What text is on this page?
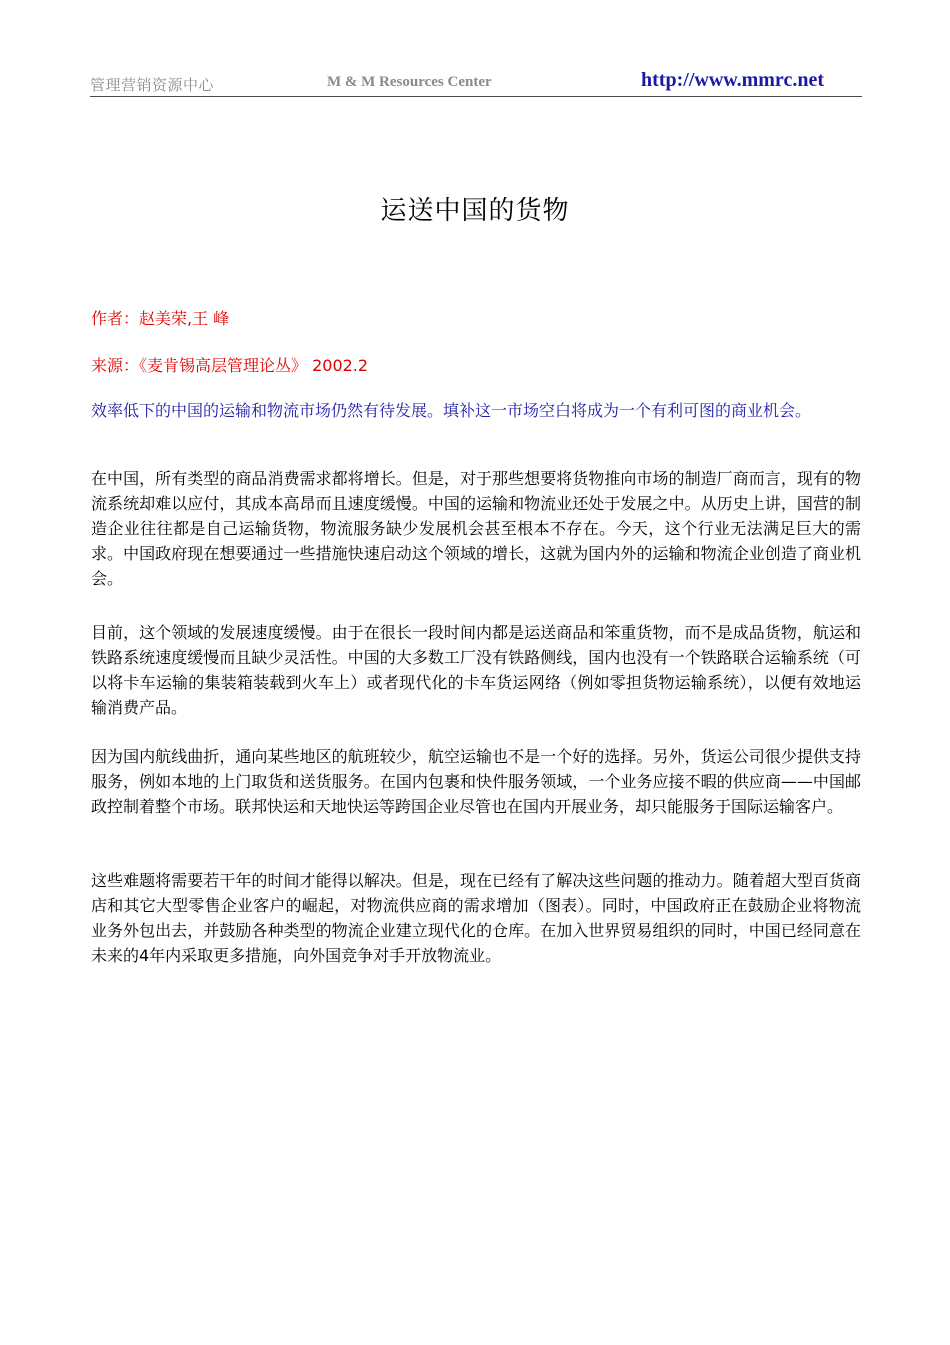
管理营销资源中心	M & M Resources Center	http://www.mmrc.net
运送中国的货物
作者：赵美荣,王 峰
来源：《麦肯锡高层管理论丛》 2002.2

效率低下的中国的运输和物流市场仍然有待发展。填补这一市场空白将成为一个有利可图的商业机会。

在中国，所有类型的商品消费需求都将增长。但是，对于那些想要将货物推向市场的制造厂商而言，现有的物流系统却难以应付，其成本高昂而且速度缓慢。中国的运输和物流业还处于发展之中。从历史上讲，国营的制造企业往往都是自己运输货物，物流服务缺少发展机会甚至根本不存在。今天，这个行业无法满足巨大的需求。中国政府现在想要通过一些措施快速启动这个领域的增长，这就为国内外的运输和物流企业创造了商业机会。

目前，这个领域的发展速度缓慢。由于在很长一段时间内都是运送商品和笨重货物，而不是成品货物，航运和铁路系统速度缓慢而且缺少灵活性。中国的大多数工厂没有铁路侧线，国内也没有一个铁路联合运输系统（可以将卡车运输的集装箱装载到火车上）或者现代化的卡车货运网络（例如零担货物运输系统），以便有效地运输消费产品。

因为国内航线曲折，通向某些地区的航班较少，航空运输也不是一个好的选择。另外，货运公司很少提供支持服务，例如本地的上门取货和送货服务。在国内包裹和快件服务领域，一个业务应接不暇的供应商——中国邮政控制着整个市场。联邦快运和天地快运等跨国企业尽管也在国内开展业务，却只能服务于国际运输客户。

这些难题将需要若干年的时间才能得以解决。但是，现在已经有了解决这些问题的推动力。随着超大型百货商店和其它大型零售企业客户的崛起，对物流供应商的需求增加（图表）。同时，中国政府正在鼓励企业将物流业务外包出去，并鼓励各种类型的物流企业建立现代化的仓库。在加入世界贸易组织的同时，中国已经同意在未来的4年内采取更多措施，向外国竞争对手开放物流业。
